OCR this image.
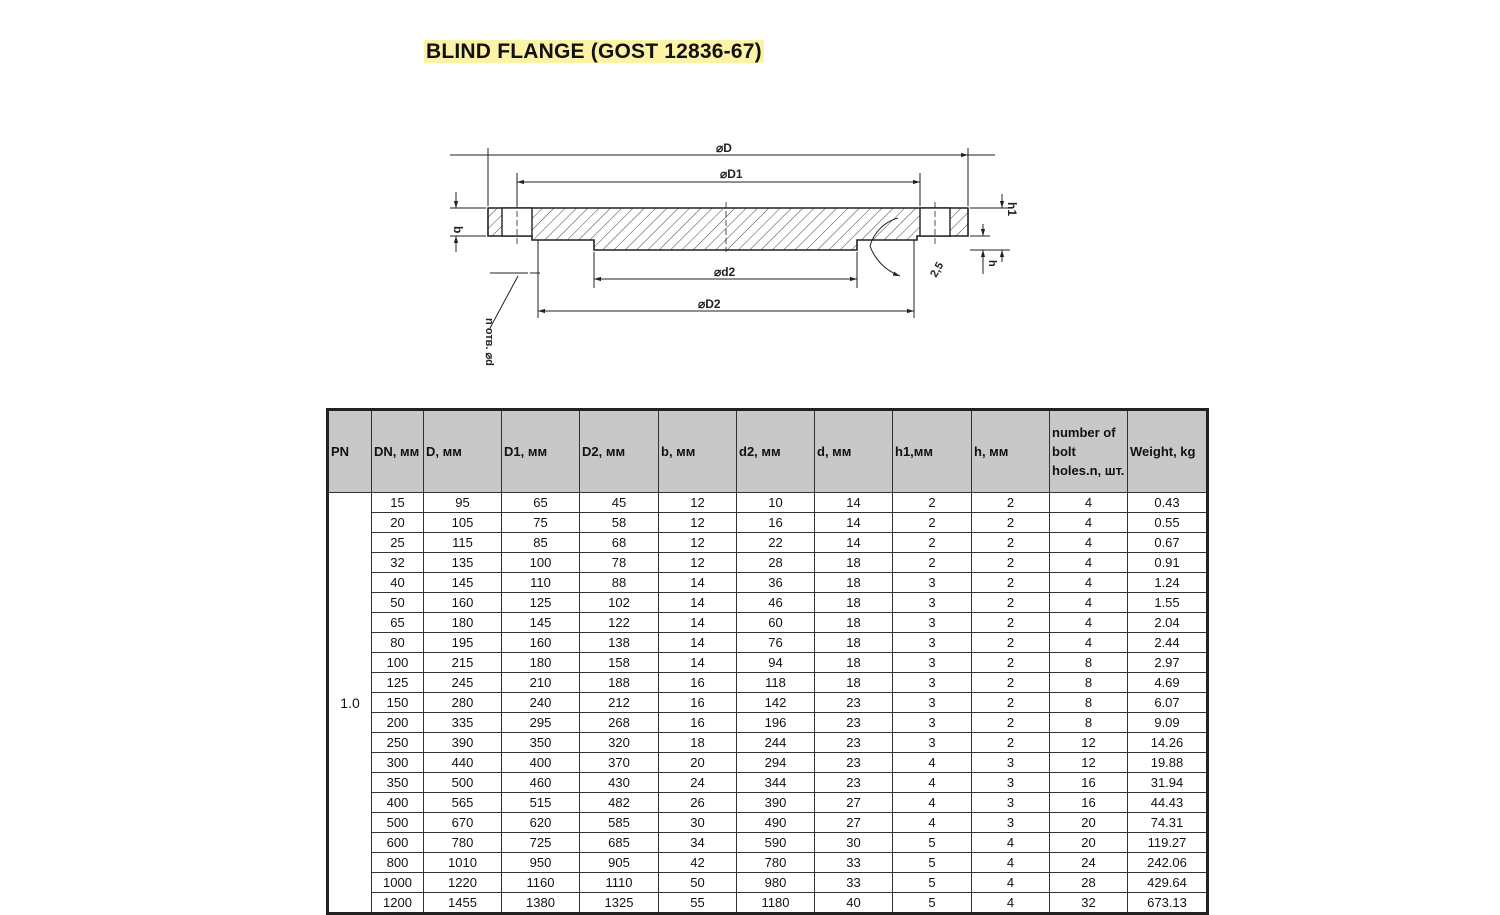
BLIND FLANGE (GOST 12836-67)
⌀D
⌀D1
⌀d2
⌀D2
b
h1
h
2,5
n отв. ⌀d
PN	DN, мм	D, мм	D1, мм	D2, мм	b, мм	d2, мм	d, мм	h1,мм	h, мм	number of bolt holes.n, шт.	Weight, kg
1.0	15	95	65	45	12	10	14	2	2	4	0.43
	20	105	75	58	12	16	14	2	2	4	0.55
	25	115	85	68	12	22	14	2	2	4	0.67
	32	135	100	78	12	28	18	2	2	4	0.91
	40	145	110	88	14	36	18	3	2	4	1.24
	50	160	125	102	14	46	18	3	2	4	1.55
	65	180	145	122	14	60	18	3	2	4	2.04
	80	195	160	138	14	76	18	3	2	4	2.44
	100	215	180	158	14	94	18	3	2	8	2.97
	125	245	210	188	16	118	18	3	2	8	4.69
	150	280	240	212	16	142	23	3	2	8	6.07
	200	335	295	268	16	196	23	3	2	8	9.09
	250	390	350	320	18	244	23	3	2	12	14.26
	300	440	400	370	20	294	23	4	3	12	19.88
	350	500	460	430	24	344	23	4	3	16	31.94
	400	565	515	482	26	390	27	4	3	16	44.43
	500	670	620	585	30	490	27	4	3	20	74.31
	600	780	725	685	34	590	30	5	4	20	119.27
	800	1010	950	905	42	780	33	5	4	24	242.06
	1000	1220	1160	1110	50	980	33	5	4	28	429.64
	1200	1455	1380	1325	55	1180	40	5	4	32	673.13
